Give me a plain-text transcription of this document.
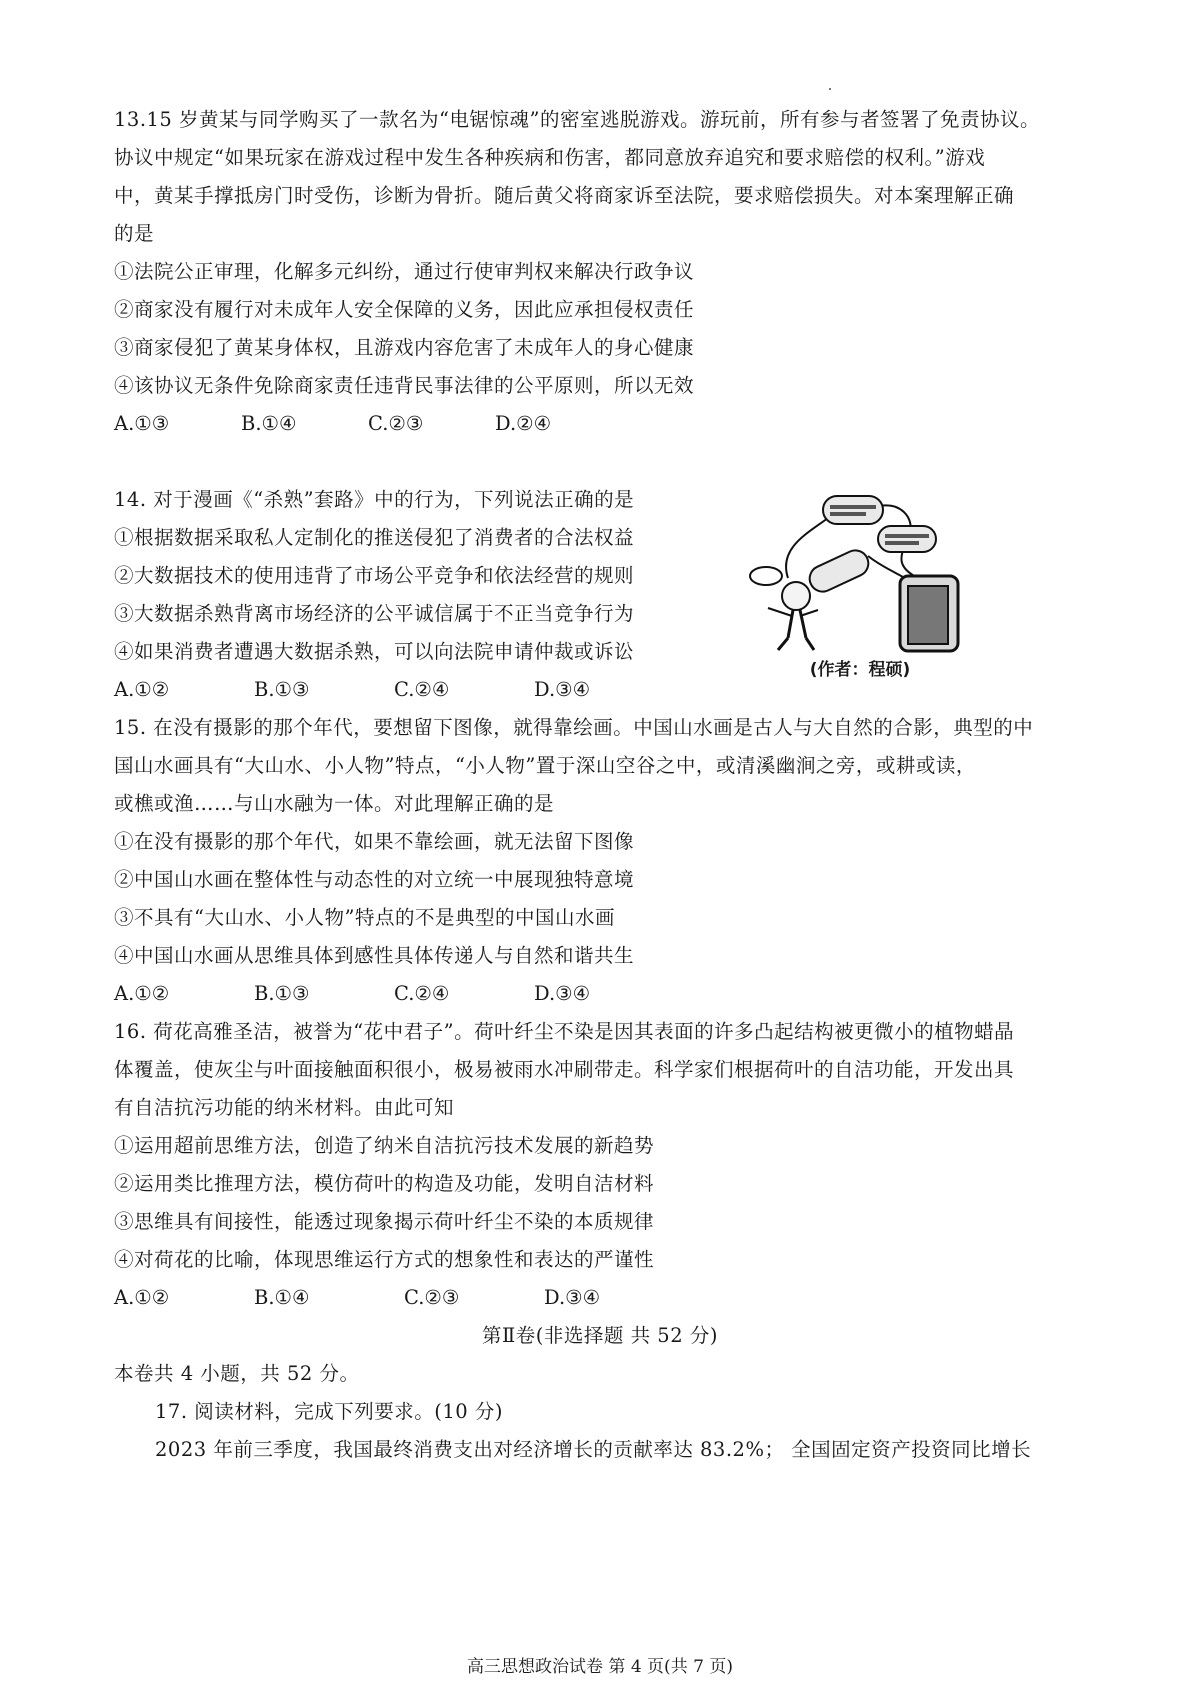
13.15 岁黄某与同学购买了一款名为“电锯惊魂”的密室逃脱游戏。游玩前，所有参与者签署了免责协议。
协议中规定“如果玩家在游戏过程中发生各种疾病和伤害，都同意放弃追究和要求赔偿的权利。”游戏
中，黄某手撑抵房门时受伤，诊断为骨折。随后黄父将商家诉至法院，要求赔偿损失。对本案理解正确
的是
①法院公正审理，化解多元纠纷，通过行使审判权来解决行政争议
②商家没有履行对未成年人安全保障的义务，因此应承担侵权责任
③商家侵犯了黄某身体权，且游戏内容危害了未成年人的身心健康
④该协议无条件免除商家责任违背民事法律的公平原则，所以无效
A.①③	B.①④	C.②③	D.②④
14. 对于漫画《“杀熟”套路》中的行为，下列说法正确的是
①根据数据采取私人定制化的推送侵犯了消费者的合法权益
②大数据技术的使用违背了市场公平竞争和依法经营的规则
③大数据杀熟背离市场经济的公平诚信属于不正当竞争行为
④如果消费者遭遇大数据杀熟，可以向法院申请仲裁或诉讼
A.①②	B.①③	C.②④	D.③④
(作者：程硕)
15. 在没有摄影的那个年代，要想留下图像，就得靠绘画。中国山水画是古人与大自然的合影，典型的中
国山水画具有“大山水、小人物”特点，“小人物”置于深山空谷之中，或清溪幽涧之旁，或耕或读，
或樵或渔……与山水融为一体。对此理解正确的是
①在没有摄影的那个年代，如果不靠绘画，就无法留下图像
②中国山水画在整体性与动态性的对立统一中展现独特意境
③不具有“大山水、小人物”特点的不是典型的中国山水画
④中国山水画从思维具体到感性具体传递人与自然和谐共生
A.①②	B.①③	C.②④	D.③④
16. 荷花高雅圣洁，被誉为“花中君子”。荷叶纤尘不染是因其表面的许多凸起结构被更微小的植物蜡晶
体覆盖，使灰尘与叶面接触面积很小，极易被雨水冲刷带走。科学家们根据荷叶的自洁功能，开发出具
有自洁抗污功能的纳米材料。由此可知
①运用超前思维方法，创造了纳米自洁抗污技术发展的新趋势
②运用类比推理方法，模仿荷叶的构造及功能，发明自洁材料
③思维具有间接性，能透过现象揭示荷叶纤尘不染的本质规律
④对荷花的比喻，体现思维运行方式的想象性和表达的严谨性
A.①②	B.①④	C.②③	D.③④
第Ⅱ卷(非选择题 共 52 分)
本卷共 4 小题，共 52 分。
17. 阅读材料，完成下列要求。(10 分)
2023 年前三季度，我国最终消费支出对经济增长的贡献率达 83.2%； 全国固定资产投资同比增长
高三思想政治试卷 第 4 页(共 7 页)
